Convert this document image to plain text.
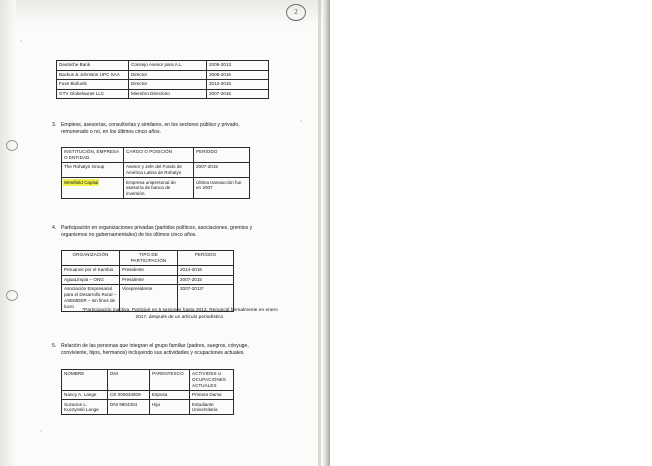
2
Deutsche Bank	Consejo Asesor para A.L.	2008-2013
Backus & Johnston UPC SAA	Director	2008-2015
Fuxe Biofuels	Director	2012-2015
GTV Globelaunet LLC	Miembro Directorio	2007-2015
3. Empleos, asesorías, consultorías y similares, en los sectores público y privado, remunerado o no, en los últimos cinco años.
INSTITUCIÓN, EMPRESA O ENTIDAD	CARGO O POSICIÓN	PERÍODO
The Rohatyn Group	Asesor y Jefe del Fondo de América Latina de Rohatyn	2007-2015
Westfield Capital	Empresa unipersonal de asesoría de banca de inversión.	Última transacción fue en 2007
4. Participación en organizaciones privadas (partidos políticos, asociaciones, gremios y organismos no gubernamentales) de los últimos cinco años.
ORGANIZACIÓN	TIPO DE PARTICIPACIÓN	PERÍODO
Peruanos por el Kambio	Presidente	2014-2016
AguaLimpia – ONG	Presidente	2007-2015
Asociación Empresarial para el Desarrollo Rural – ASEMDER – sin fines de lucro	Vicepresidente	2007-2013*
*Participación inactiva. Participé en 5 sesiones hasta 2013. Renuncié formalmente en enero 2017, después de un artículo periodístico.
5. Relación de las personas que integran el grupo familiar (padres, suegros, cónyuge, conviviente, hijos, hermanos) incluyendo sus actividades y ocupaciones actuales.
NOMBRE	DNI	PARENTESCO	ACTIVIDES U OCUPACIONES ACTUALES
Nancy A. Lange	CE 000634509	Esposa	Primera Dama
Suzanne L. Kuczynski Lange	DNI 9804304	Hija	Estudiante Universitaria
